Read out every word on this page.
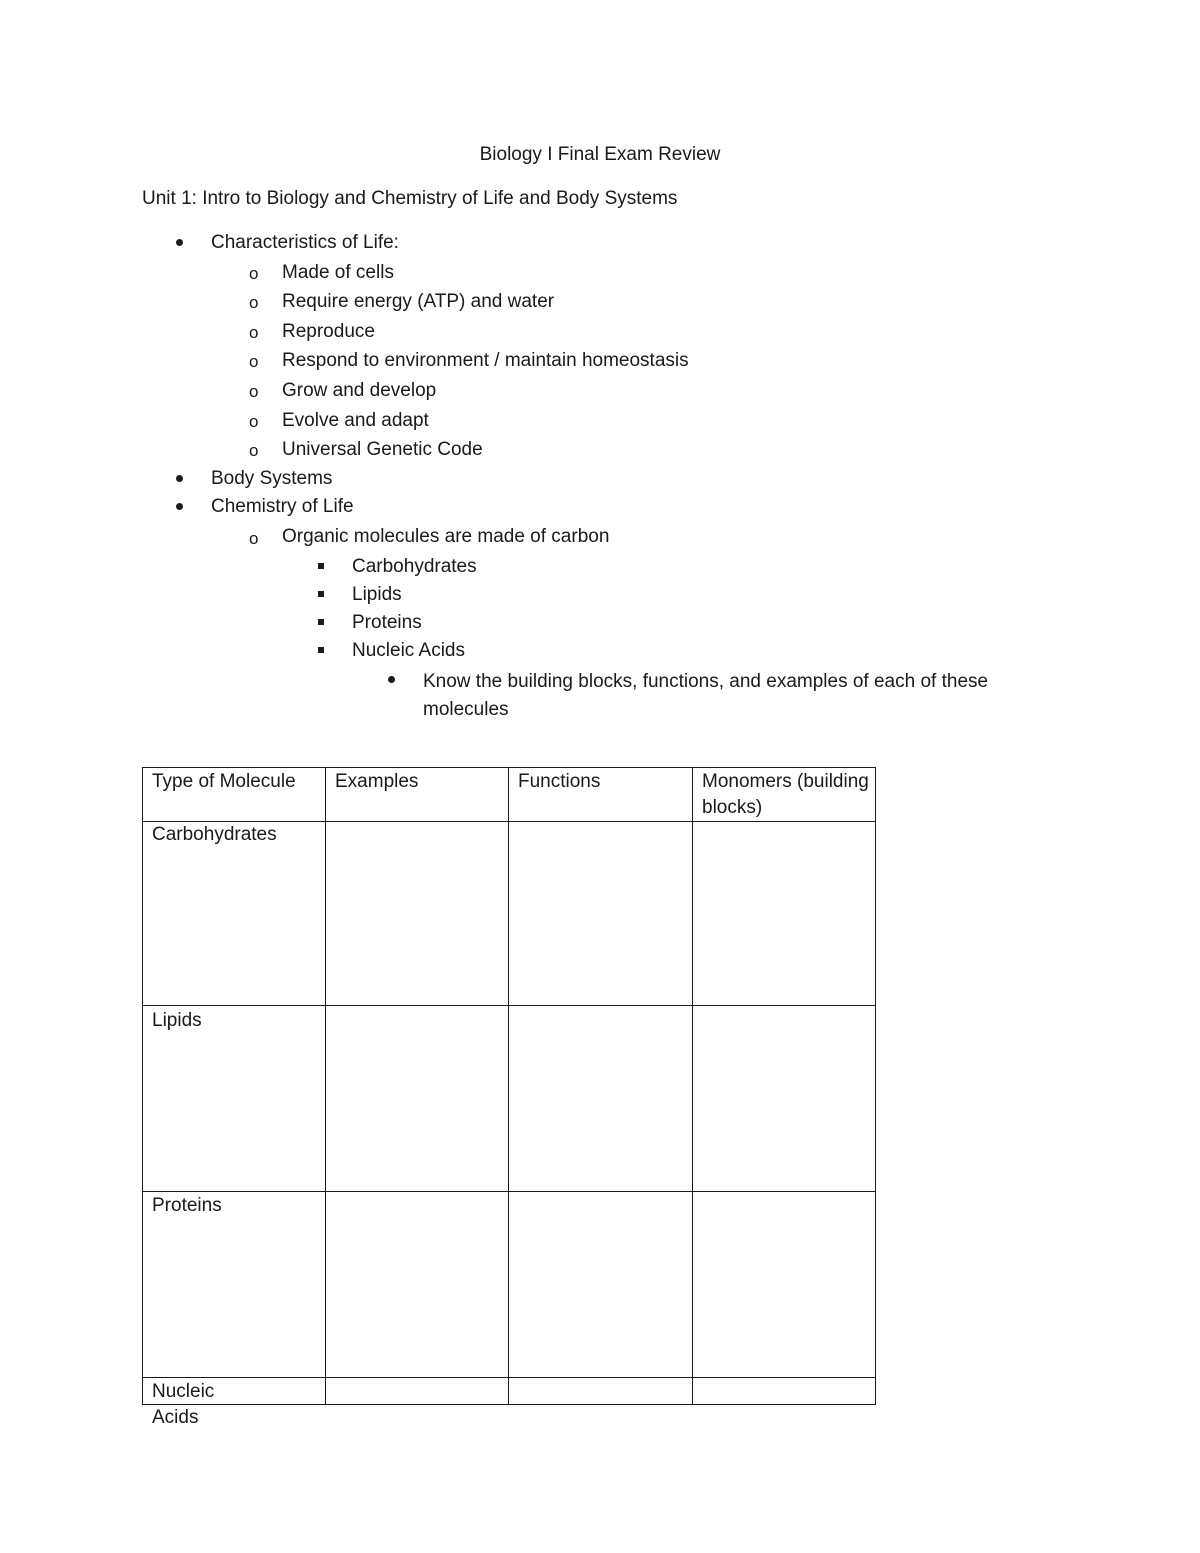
Biology I Final Exam Review
Unit 1: Intro to Biology and Chemistry of Life and Body Systems
Characteristics of Life:
o Made of cells
o Require energy (ATP) and water
o Reproduce
o Respond to environment / maintain homeostasis
o Grow and develop
o Evolve and adapt
o Universal Genetic Code
Body Systems
Chemistry of Life
o Organic molecules are made of carbon
Carbohydrates
Lipids
Proteins
Nucleic Acids
Know the building blocks, functions, and examples of each of these molecules
Type of Molecule	Examples	Functions	Monomers (building blocks)
Carbohydrates
Lipids
Proteins
Nucleic Acids
